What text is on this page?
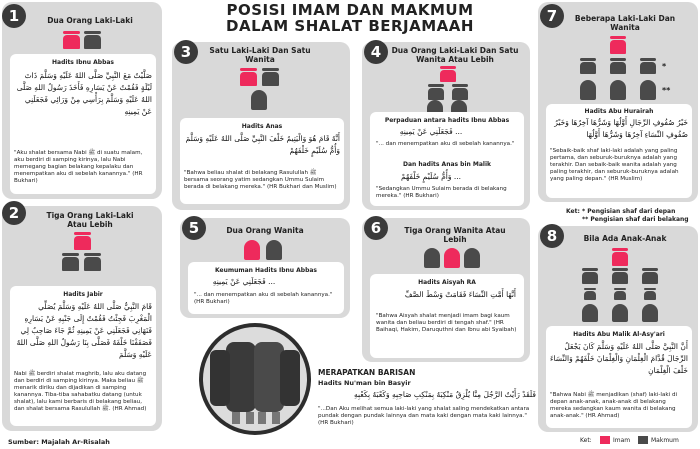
POSISI IMAM DAN MAKMUM
DALAM SHALAT BERJAMAAH
1	Dua Orang Laki-Laki
Hadits Ibnu Abbas
صَلَّيْتُ مَعَ النَّبِيِّ صَلَّى اللهُ عَلَيْهِ وَسَلَّمَ ذَاتَ لَيْلَةٍ فَقُمْتُ عَنْ يَسَارِهِ فَأَخَذَ رَسُولُ اللهِ صَلَّى اللهُ عَلَيْهِ وَسَلَّمَ بِرَأْسِي مِنْ وَرَائِي فَجَعَلَنِي عَنْ يَمِينِهِ
"Aku shalat bersama Nabi ﷺ di suatu malam, aku berdiri di samping kirinya, lalu Nabi memegang bagian belakang kepalaku dan menempatkan aku di sebelah kanannya." (HR Bukhari)
2	Tiga Orang Laki-Laki Atau Lebih
Hadits Jabir
قَامَ النَّبِيُّ صَلَّى اللهُ عَلَيْهِ وَسَلَّمَ يُصَلِّي الْمَغْرِبَ فَجِئْتُ فَقُمْتُ إِلَى جَنْبِهِ عَنْ يَسَارِهِ فَنَهَانِي فَجَعَلَنِي عَنْ يَمِينِهِ ثُمَّ جَاءَ صَاحِبٌ لِي فَصَفَفْنَا خَلْفَهُ فَصَلَّى بِنَا رَسُولُ اللهِ صَلَّى اللهُ عَلَيْهِ وَسَلَّمَ
Nabi ﷺ berdiri shalat maghrib, lalu aku datang dan berdiri di samping kirinya. Maka beliau ﷺ menarik diriku dan dijadikan di samping kanannya. Tiba-tiba sahabatku datang (untuk shalat), lalu kami berbaris di belakang beliau, dan shalat bersama Rasulullah ﷺ. (HR Ahmad)
3	Satu Laki-Laki Dan Satu Wanita
Hadits Anas
أَنَّهُ قَامَ هُوَ وَالْيَتِيمُ خَلْفَ النَّبِيِّ صَلَّى اللهُ عَلَيْهِ وَسَلَّمَ وَأُمُّ سُلَيْمٍ خَلْفَهُمْ
"Bahwa beliau shalat di belakang Rasulullah ﷺ bersama seorang yatim sedangkan Ummu Sulaim berada di belakang mereka." (HR Bukhari dan Muslim)
4	Dua Orang Laki-Laki Dan Satu Wanita Atau Lebih
Perpaduan antara hadits Ibnu Abbas
... فَجَعَلَنِي عَنْ يَمِينِهِ
"... dan menempatkan aku di sebelah kanannya."
Dan hadits Anas bin Malik
... وَأُمُّ سُلَيْمٍ خَلْفَهُمْ
"Sedangkan Ummu Sulaim berada di belakang mereka." (HR Bukhari)
5	Dua Orang Wanita
Keumuman Hadits Ibnu Abbas
... فَجَعَلَنِي عَنْ يَمِينِهِ
"... dan menempatkan aku di sebelah kanannya." (HR Bukhari)
6	Tiga Orang Wanita Atau Lebih
Hadits Aisyah RA
أَنَّهَا أَمَّتِ النِّسَاءَ فَقَامَتْ وَسْطَ الصَّفِّ
"Bahwa Aisyah shalat menjadi imam bagi kaum wanita dan beliau berdiri di tengah shaf." (HR Baihaqi, Hakim, Daruquthni dan Ibnu abi Syaibah)
7	Beberapa Laki-Laki Dan Wanita
*
**
Hadits Abu Hurairah
خَيْرُ صُفُوفِ الرِّجَالِ أَوَّلُهَا وَشَرُّهَا آخِرُهَا وَخَيْرُ صُفُوفِ النِّسَاءِ آخِرُهَا وَشَرُّهَا أَوَّلُهَا
"Sebaik-baik shaf laki-laki adalah yang paling pertama, dan seburuk-buruknya adalah yang terakhir. Dan sebaik-baik wanita adalah yang paling terakhir, dan seburuk-buruknya adalah yang paling depan." (HR Muslim)
Ket: * Pengisian shaf dari depan
** Pengisian shaf dari belakang
8	Bila Ada Anak-Anak
Hadits Abu Malik Al-Asy'ari
أَنَّ النَّبِيَّ صَلَّى اللهُ عَلَيْهِ وَسَلَّمَ كَانَ يَجْعَلُ الرِّجَالَ قُدَّامَ الْغِلْمَانِ وَالْغِلْمَانَ خَلْفَهُمْ وَالنِّسَاءَ خَلْفَ الْغِلْمَانِ
"Bahwa Nabi ﷺ menjadikan (shaf) laki-laki di depan anak-anak, anak-anak di belakang mereka sedangkan kaum wanita di belakang anak-anak." (HR Ahmad)
MERAPATKAN BARISAN
Hadits Nu'man bin Basyir
فَلَقَدْ رَأَيْتُ الرَّجُلَ مِنَّا يُلْزِقُ مَنْكِبَهُ بِمَنْكِبِ صَاحِبِهِ وَكَعْبَهُ بِكَعْبِهِ
"...Dan Aku melihat semua laki-laki yang shalat saling mendekatkan antara pundak dengan pundak lainnya dan mata kaki dengan mata kaki lainnya." (HR Bukhari)
Ket:	Imam	Makmum
Sumber: Majalah Ar-Risalah
